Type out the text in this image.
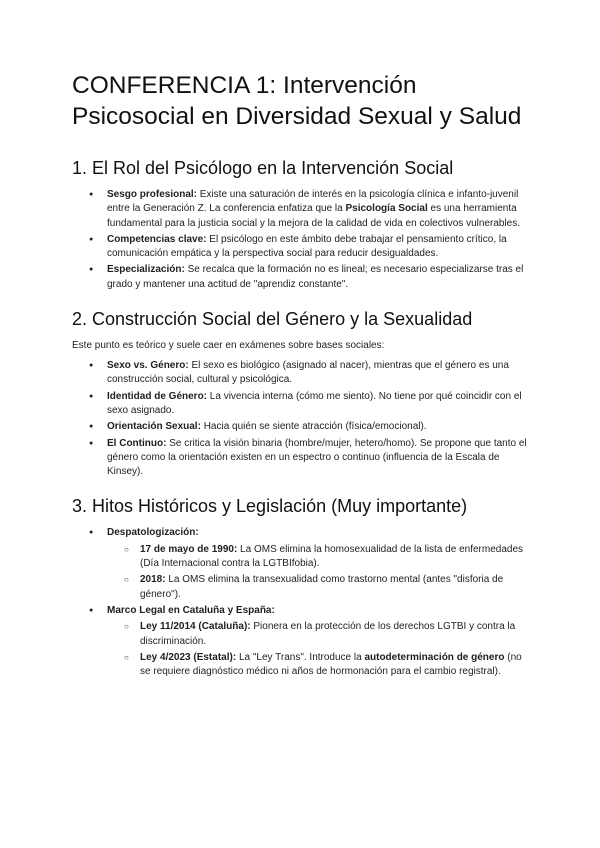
CONFERENCIA 1: Intervención Psicosocial en Diversidad Sexual y Salud
1. El Rol del Psicólogo en la Intervención Social
● Sesgo profesional: Existe una saturación de interés en la psicología clínica e infanto-juvenil entre la Generación Z. La conferencia enfatiza que la Psicología Social es una herramienta fundamental para la justicia social y la mejora de la calidad de vida en colectivos vulnerables.
● Competencias clave: El psicólogo en este ámbito debe trabajar el pensamiento crítico, la comunicación empática y la perspectiva social para reducir desigualdades.
● Especialización: Se recalca que la formación no es lineal; es necesario especializarse tras el grado y mantener una actitud de "aprendiz constante".
2. Construcción Social del Género y la Sexualidad

Este punto es teórico y suele caer en exámenes sobre bases sociales:

● Sexo vs. Género: El sexo es biológico (asignado al nacer), mientras que el género es una construcción social, cultural y psicológica.
● Identidad de Género: La vivencia interna (cómo me siento). No tiene por qué coincidir con el sexo asignado.
● Orientación Sexual: Hacia quién se siente atracción (física/emocional).
● El Continuo: Se critica la visión binaria (hombre/mujer, hetero/homo). Se propone que tanto el género como la orientación existen en un espectro o continuo (influencia de la Escala de Kinsey).
3. Hitos Históricos y Legislación (Muy importante)
● Despatologización:
○ 17 de mayo de 1990: La OMS elimina la homosexualidad de la lista de enfermedades (Día Internacional contra la LGTBIfobia).
○ 2018: La OMS elimina la transexualidad como trastorno mental (antes "disforia de género").
● Marco Legal en Cataluña y España:
○ Ley 11/2014 (Cataluña): Pionera en la protección de los derechos LGTBI y contra la discriminación.
○ Ley 4/2023 (Estatal): La "Ley Trans". Introduce la autodeterminación de género (no se requiere diagnóstico médico ni años de hormonación para el cambio registral).
